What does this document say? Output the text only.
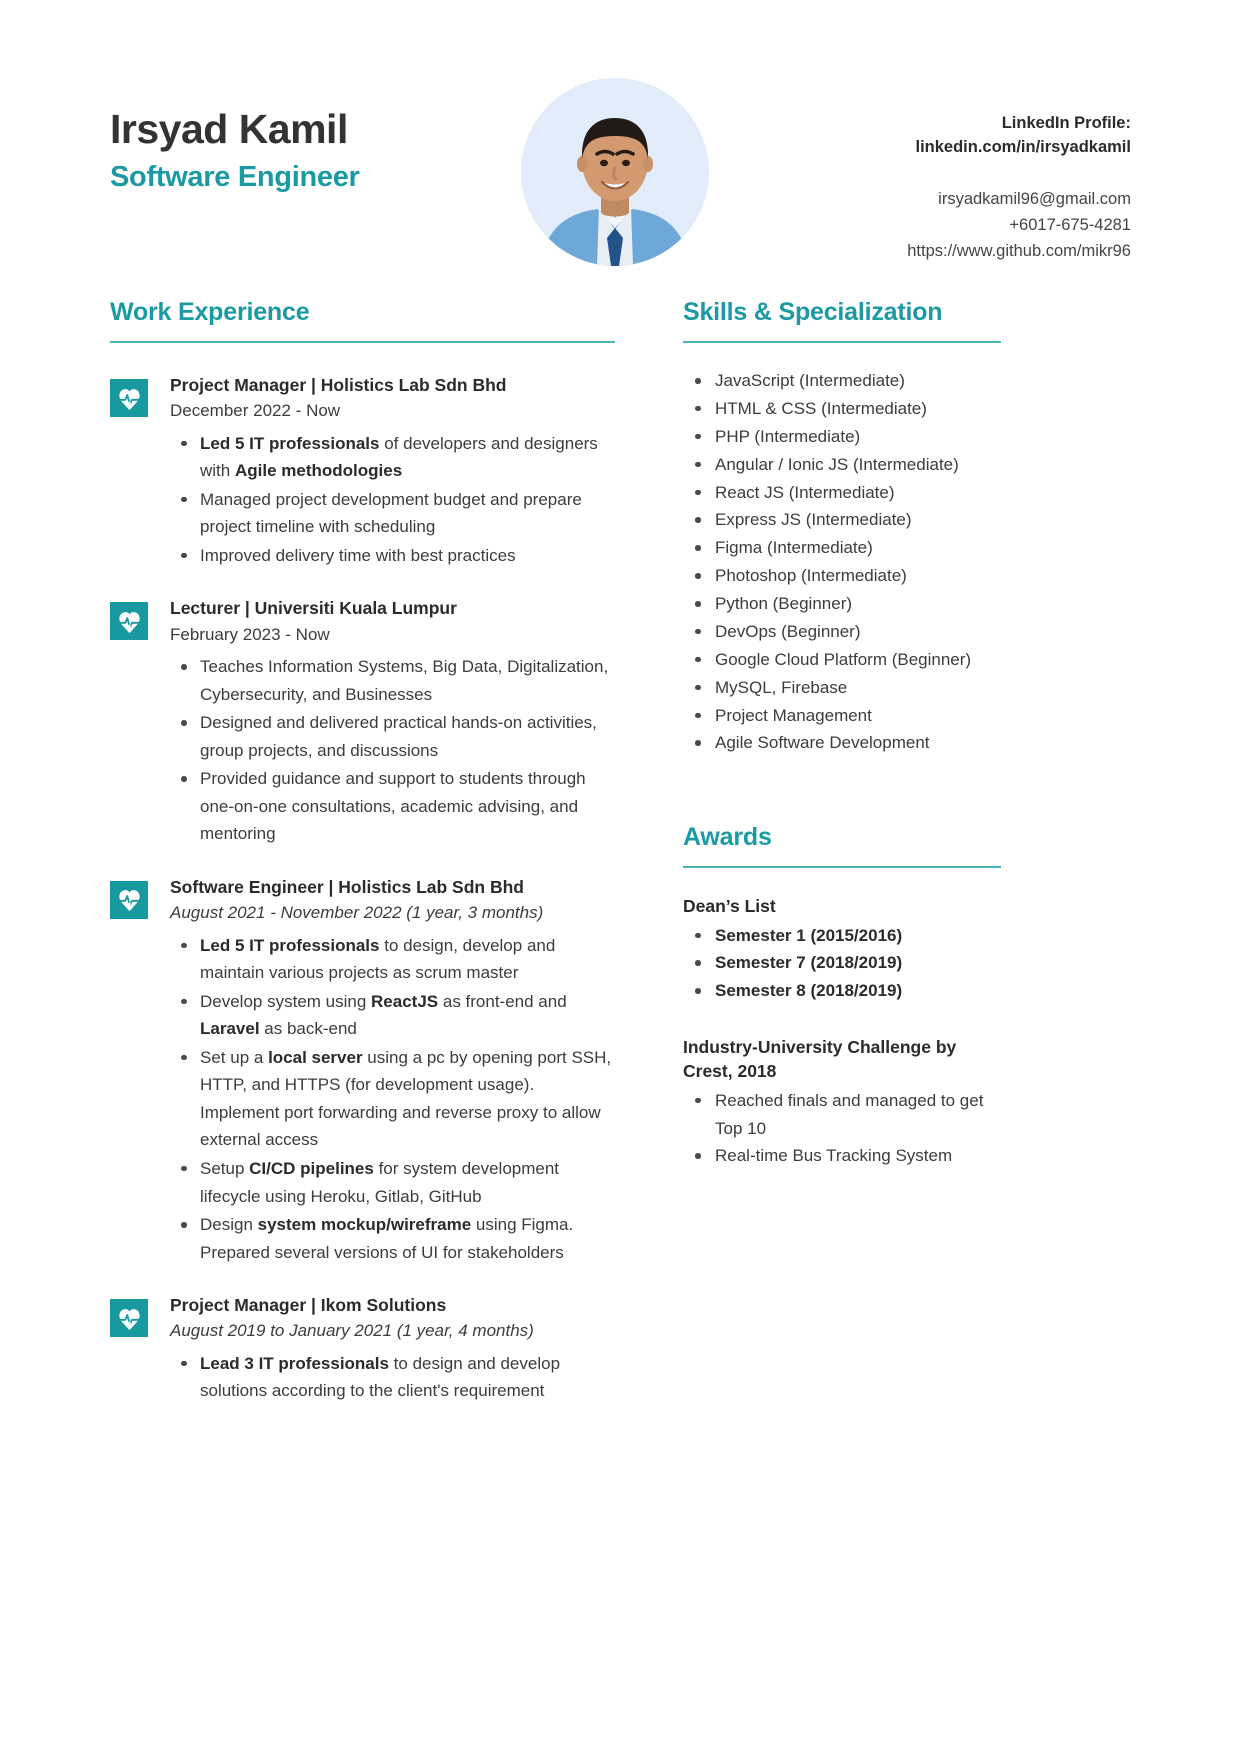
Irsyad Kamil
Software Engineer
LinkedIn Profile:
linkedin.com/in/irsyadkamil
irsyadkamil96@gmail.com
+6017-675-4281
https://www.github.com/mikr96
Work Experience
Project Manager | Holistics Lab Sdn Bhd
December 2022 - Now
Led 5 IT professionals of developers and designers with Agile methodologies
Managed project development budget and prepare project timeline with scheduling
Improved delivery time with best practices
Lecturer | Universiti Kuala Lumpur
February 2023 - Now
Teaches Information Systems, Big Data, Digitalization, Cybersecurity, and Businesses
Designed and delivered practical hands-on activities, group projects, and discussions
Provided guidance and support to students through one-on-one consultations, academic advising, and mentoring
Software Engineer | Holistics Lab Sdn Bhd
August 2021 - November 2022 (1 year, 3 months)
Led 5 IT professionals to design, develop and maintain various projects as scrum master
Develop system using ReactJS as front-end and Laravel as back-end
Set up a local server using a pc by opening port SSH, HTTP, and HTTPS (for development usage). Implement port forwarding and reverse proxy to allow external access
Setup CI/CD pipelines for system development lifecycle using Heroku, Gitlab, GitHub
Design system mockup/wireframe using Figma. Prepared several versions of UI for stakeholders
Project Manager | Ikom Solutions
August 2019 to January 2021 (1 year, 4 months)
Lead 3 IT professionals to design and develop solutions according to the client's requirement
Skills & Specialization
JavaScript (Intermediate)
HTML & CSS (Intermediate)
PHP (Intermediate)
Angular / Ionic JS (Intermediate)
React JS (Intermediate)
Express JS (Intermediate)
Figma (Intermediate)
Photoshop (Intermediate)
Python (Beginner)
DevOps (Beginner)
Google Cloud Platform (Beginner)
MySQL, Firebase
Project Management
Agile Software Development
Awards
Dean’s List
Semester 1 (2015/2016)
Semester 7 (2018/2019)
Semester 8 (2018/2019)
Industry-University Challenge by Crest, 2018
Reached finals and managed to get Top 10
Real-time Bus Tracking System
